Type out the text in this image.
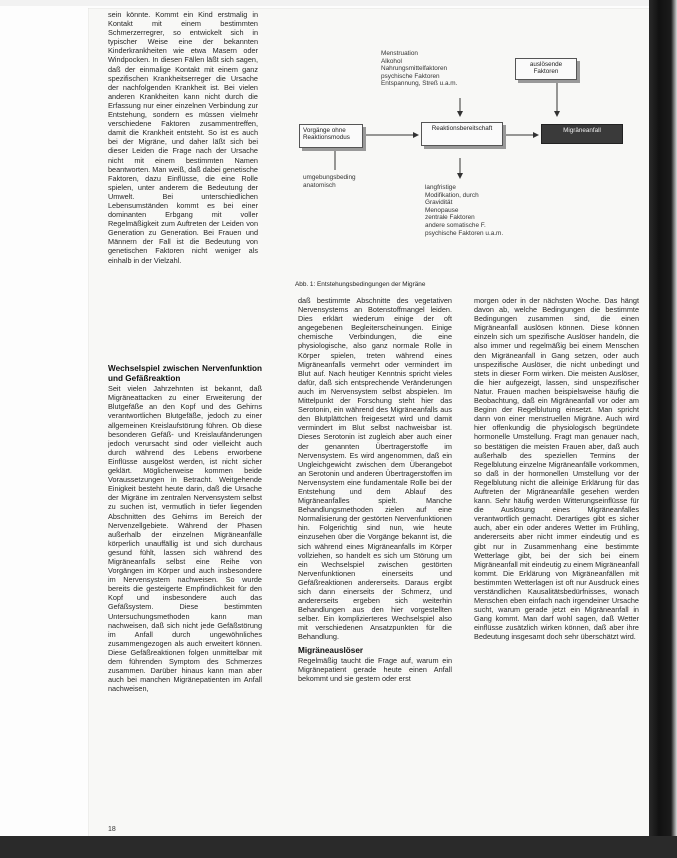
sein könnte. Kommt ein Kind erstmalig in Kontakt mit einem bestimmten Schmerzerregrer, so entwickelt sich in typischer Weise eine der bekannten Kinderkrankheiten wie etwa Masern oder Windpocken. In diesen Fällen läßt sich sagen, daß der einmalige Kontakt mit einem ganz spezifischen Krankheitserreger die Ursache der nachfolgenden Krankheit ist. Bei vielen anderen Krankheiten kann nicht durch die Erfassung nur einer einzelnen Verbindung zur Entstehung, sondern es müssen vielmehr verschiedene Faktoren zusammentreffen, damit die Krankheit entsteht. So ist es auch bei der Migräne, und daher läßt sich bei dieser Leiden die Frage nach der Ursache nicht mit einem bestimmten Namen beantworten. Man weiß, daß dabei genetische Faktoren, dazu Einflüsse, die eine Rolle spielen, unter anderem die Bedeutung der Umwelt. Bei unterschiedlichen Lebensumständen kommt es bei einer dominanten Erbgang mit voller Regelmäßigkeit zum Auftreten der Leiden von Generation zu Generation. Bei Frauen und Männern der Fall ist die Bedeutung von genetischen Faktoren nicht weniger als einhalb in der Vielzahl.

Wechselspiel zwischen Nervenfunktion und Gefäßreaktion

Seit vielen Jahrzehnten ist bekannt, daß Migräneattacken zu einer Erweiterung der Blutgefäße an den Kopf und des Gehirns verantwortlichen Blutgefäße, jedoch zu einer allgemeinen Kreislaufstörung führen. Ob diese besonderen Gefäß- und Kreislaufänderungen jedoch verursacht sind oder vielleicht auch durch während des Lebens erworbene Einflüsse ausgelöst werden, ist nicht sicher geklärt. Möglicherweise kommen beide Voraussetzungen in Betracht. Weitgehende Einigkeit besteht heute darin, daß die Ursache der Migräne im zentralen Nervensystem selbst zu suchen ist, vermutlich in tiefer liegenden Abschnitten des Gehirns im Bereich der Nervenzellgebiete. Während der Phasen außerhalb der einzelnen Migräneanfälle körperlich unauffällig ist und sich durchaus gesund fühlt, lassen sich während des Migräneanfalls selbst eine Reihe von Vorgängen im Körper und auch insbesondere im Nervensystem nachweisen. So wurde bereits die gesteigerte Empfindlichkeit für den Kopf und insbesondere auch das Gefäßsystem. Diese bestimmten Untersuchungsmethoden kann man nachweisen, daß sich nicht jede Gefäßstörung im Anfall durch ungewöhnliches zusammengezogen als auch erweitert können. Diese Gefäßreaktionen folgen unmittelbar mit dem führenden Symptom des Schmerzes zusammen. Darüber hinaus kann man aber auch bei manchen Migränepatienten im Anfall nachweisen,

Menstruation
Alkohol
Nahrungsmittelfaktoren
psychische Faktoren
Entspannung, Streß u.a.m.
auslösende Faktoren
Vorgänge ohne Reaktionsmodus
Reaktionsbereitschaft	Migräneanfall
umgebungsbeding
anatomisch	langfristige
Modifikation, durch
Gravidität
Menopause
zentrale Faktoren
andere somatische F.
psychische Faktoren u.a.m.
Abb. 1: Entstehungsbedingungen der Migräne

daß bestimmte Abschnitte des vegetativen Nervensystems an Botenstoffmangel leiden. Dies erklärt wiederum einige der oft angegebenen Begleiterscheinungen. Einige chemische Verbindungen, die eine physiologische, also ganz normale Rolle in Körper spielen, treten während eines Migräneanfalls vermehrt oder vermindert im Blut auf. Nach heutiger Kenntnis spricht vieles dafür, daß sich entsprechende Veränderungen auch im Nervensystem selbst abspielen. Im Mittelpunkt der Forschung steht hier das Serotonin, ein während des Migräneanfalls aus den Blutplättchen freigesetzt wird und damit vermindert im Blut selbst nachweisbar ist. Dieses Serotonin ist zugleich aber auch einer der genannten Übertragerstoffe im Nervensystem. Es wird angenommen, daß ein Ungleichgewicht zwischen dem Überangebot an Serotonin und anderen Übertragerstoffen im Nervensystem eine fundamentale Rolle bei der Entstehung und dem Ablauf des Migräneanfalles spielt. Manche Behandlungsmethoden zielen auf eine Normalisierung der gestörten Nervenfunktionen hin. Folgerichtig sind nun, wie heute einzusehen über die Vorgänge bekannt ist, die sich während eines Migräneanfalls im Körper vollziehen, so handelt es sich um Störung um ein Wechselspiel zwischen gestörten Nervenfunktionen einerseits und Gefäßreaktionen andererseits. Daraus ergibt sich dann einerseits der Schmerz, und andererseits ergeben sich weiterhin Behandlungen aus den hier vorgestellten selber. Ein komplizierteres Wechselspiel also mit verschiedenen Ansatzpunkten für die Behandlung.

Migräneauslöser

Regelmäßig taucht die Frage auf, warum ein Migränepatient gerade heute einen Anfall bekommt und sie gestern oder erst

morgen oder in der nächsten Woche. Das hängt davon ab, welche Bedingungen die bestimmte Bedingungen zusammen sind, die einen Migräneanfall auslösen können. Diese können einzeln sich um spezifische Auslöser handeln, die also immer und regelmäßig bei einem Menschen den Migräneanfall in Gang setzen, oder auch unspezifische Auslöser, die nicht unbedingt und stets in dieser Form wirken. Die meisten Auslöser, die hier aufgezeigt, lassen, sind unspezifischer Natur. Frauen machen beispielsweise häufig die Beobachtung, daß ein Migräneanfall vor oder am Beginn der Regelblutung einsetzt. Man spricht dann von einer menstruellen Migräne. Auch wird hier offenkundig die physiologisch begründete hormonelle Umstellung. Fragt man genauer nach, so bestätigen die meisten Frauen aber, daß auch außerhalb des speziellen Termins der Regelblutung einzelne Migräneanfälle vorkommen, so daß in der hormonellen Umstellung vor der Regelblutung nicht die alleinige Erklärung für das Auftreten der Migräneanfälle gesehen werden kann. Sehr häufig werden Witterungseinflüsse für die Auslösung eines Migräneanfalles verantwortlich gemacht. Derartiges gibt es sicher auch, aber ein oder anderes Wetter im Frühling, andererseits aber nicht immer eindeutig und es gibt nur in Zusammenhang eine bestimmte Wetterlage gibt, bei der sich bei einem Migräneanfall mit eindeutig zu einem Migräneanfall kommt. Die Erklärung von Migräneanfällen mit bestimmten Wetterlagen ist oft nur Ausdruck eines verständlichen Kausalitätsbedürfnisses, wonach Menschen eben einfach nach irgendeiner Ursache sucht, warum gerade jetzt ein Migräneanfall in Gang kommt. Man darf wohl sagen, daß Wetter einflüsse zusätzlich wirken können, daß aber ihre Bedeutung insgesamt doch sehr überschätzt wird.

18
